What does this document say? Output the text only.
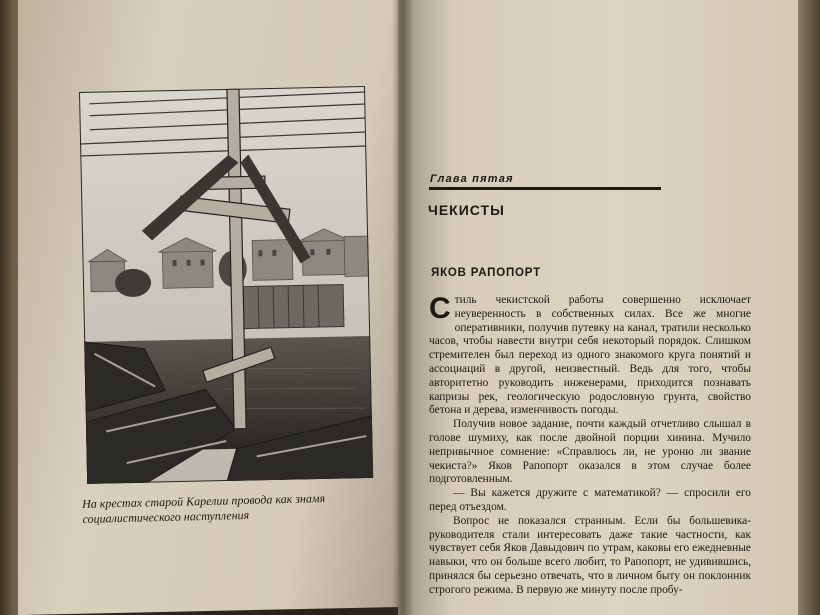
На крестах старой Карелии провода как знамя социалистического наступления

Глава пятая
ЧЕКИСТЫ
ЯКОВ РАПОПОРТ

Стиль чекистской работы совершенно исключает неуверенность в собственных силах. Все же многие оперативники, получив путевку на канал, тратили несколько часов, чтобы навести внутри себя некоторый порядок. Слишком стремителен был переход из одного знакомого круга понятий и ассоциаций в другой, неизвестный. Ведь для того, чтобы авторитетно руководить инженерами, приходится познавать капризы рек, геологическую родословную грунта, свойство бетона и дерева, изменчивость погоды.

Получив новое задание, почти каждый отчетливо слышал в голове шумиху, как после двойной порции хинина. Мучило непривычное сомнение: «Справлюсь ли, не уроню ли звание чекиста?» Яков Рапопорт оказался в этом случае более подготовленным.

— Вы кажется дружите с математикой? — спросили его перед отъездом.

Вопрос не показался странным. Если бы большевика-руководителя стали интересовать даже такие частности, как чувствует себя Яков Давыдович по утрам, каковы его ежедневные навыки, что он больше всего любит, то Рапопорт, не удивившись, принялся бы серьезно отвечать, что в личном быту он поклонник строгого режима. В первую же минуту после пробу-
